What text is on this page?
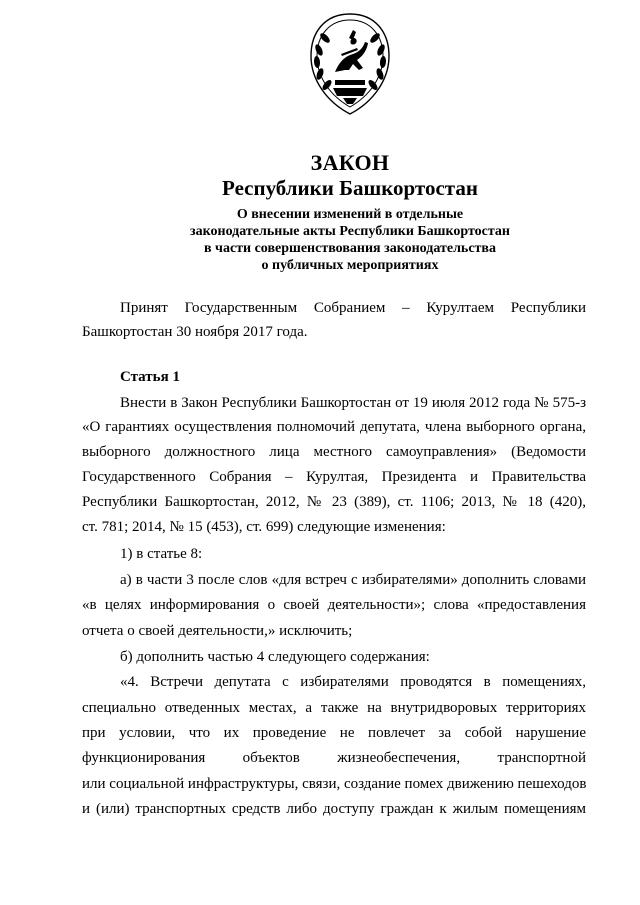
ЗАКОН
Республики Башкортостан
О внесении изменений в отдельные
законодательные акты Республики Башкортостан
в части совершенствования законодательства
о публичных мероприятиях
Принят Государственным Собранием – Курултаем Республики
Башкортостан 30 ноября 2017 года.
Статья 1
Внести в Закон Республики Башкортостан от 19 июля 2012 года № 575-з
«О гарантиях осуществления полномочий депутата, члена выборного органа,
выборного должностного лица местного самоуправления» (Ведомости
Государственного Собрания – Курултая, Президента и Правительства
Республики Башкортостан, 2012, № 23 (389), ст. 1106; 2013, № 18 (420),
ст. 781; 2014, № 15 (453), ст. 699) следующие изменения:
1) в статье 8:
а) в части 3 после слов «для встреч с избирателями» дополнить словами
«в целях информирования о своей деятельности»; слова «предоставления
отчета о своей деятельности,» исключить;
б) дополнить частью 4 следующего содержания:
«4. Встречи депутата с избирателями проводятся в помещениях,
специально отведенных местах, а также на внутридворовых территориях
при условии, что их проведение не повлечет за собой нарушение
функционирования объектов жизнеобеспечения, транспортной
или социальной инфраструктуры, связи, создание помех движению пешеходов
и (или) транспортных средств либо доступу граждан к жилым помещениям
